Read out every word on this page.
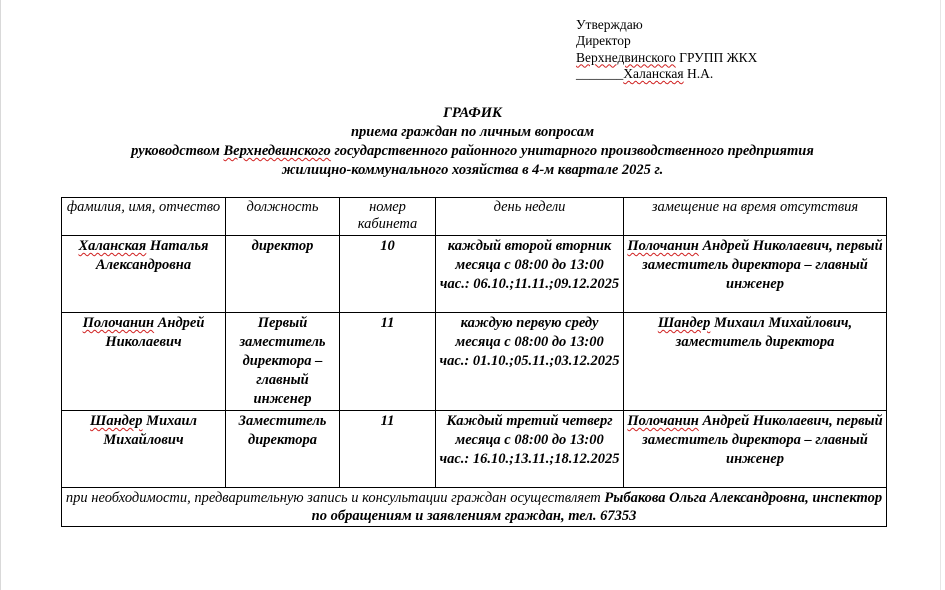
Утверждаю
Директор
Верхнедвинского ГРУПП ЖКХ
_______Халанская Н.А.
ГРАФИК
приема граждан по личным вопросам
руководством Верхнедвинского государственного районного унитарного производственного предприятия
жилищно-коммунального хозяйства в 4-м квартале 2025 г.
фамилия, имя, отчество	должность	номер кабинета	день недели	замещение на время отсутствия
Халанская Наталья Александровна	директор	10	каждый второй вторник месяца с 08:00 до 13:00 час.: 06.10.;11.11.;09.12.2025	Полочанин Андрей Николаевич, первый заместитель директора – главный инженер
Полочанин Андрей Николаевич	Первый заместитель директора – главный инженер	11	каждую первую среду месяца с 08:00 до 13:00 час.: 01.10.;05.11.;03.12.2025	Шандер Михаил Михайлович, заместитель директора
Шандер Михаил Михайлович	Заместитель директора	11	Каждый третий четверг месяца с 08:00 до 13:00 час.: 16.10.;13.11.;18.12.2025	Полочанин Андрей Николаевич, первый заместитель директора – главный инженер
при необходимости, предварительную запись и консультации граждан осуществляет Рыбакова Ольга Александровна, инспектор по обращениям и заявлениям граждан, тел. 67353				
